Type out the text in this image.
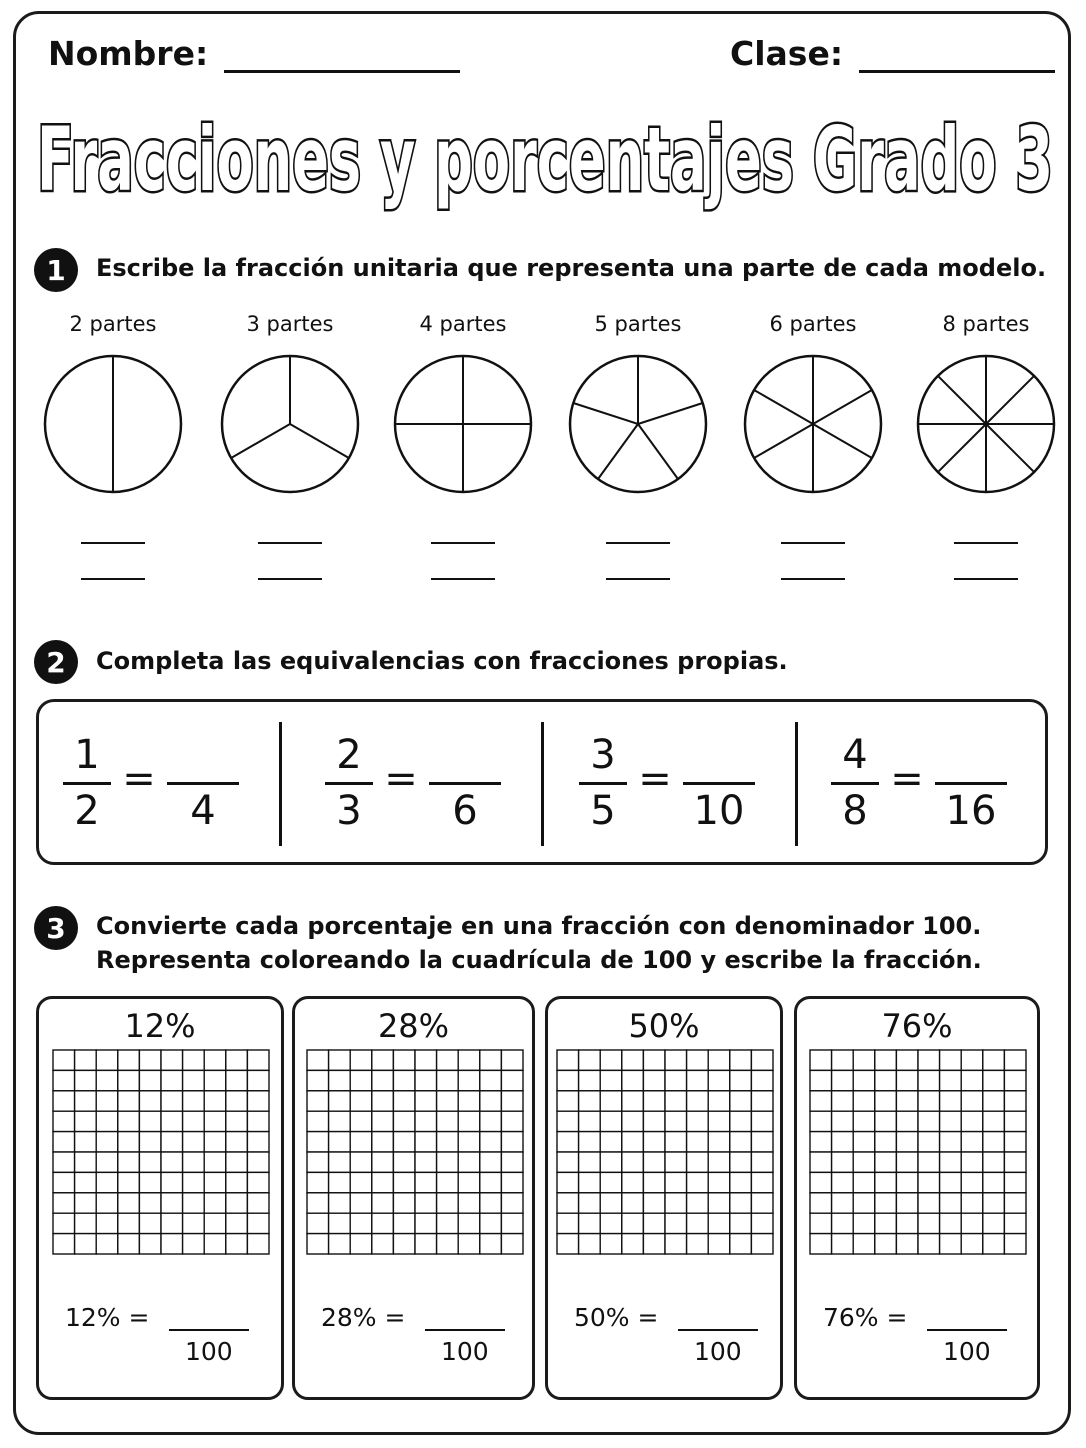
Nombre:	Clase:
Fracciones y porcentajes Grado 3
1	Escribe la fracción unitaria que representa una parte de cada modelo.
2 partes	3 partes	4 partes	5 partes	6 partes	8 partes
2	Completa las equivalencias con fracciones propias.
1
2
=
4
2
3
=
6
3
5
=
10
4
8
=
16
3	Convierte cada porcentaje en una fracción con denominador 100.
Representa coloreando la cuadrícula de 100 y escribe la fracción.
12%
12% =
100
28%
28% =
100
50%
50% =
100
76%
76% =
100
